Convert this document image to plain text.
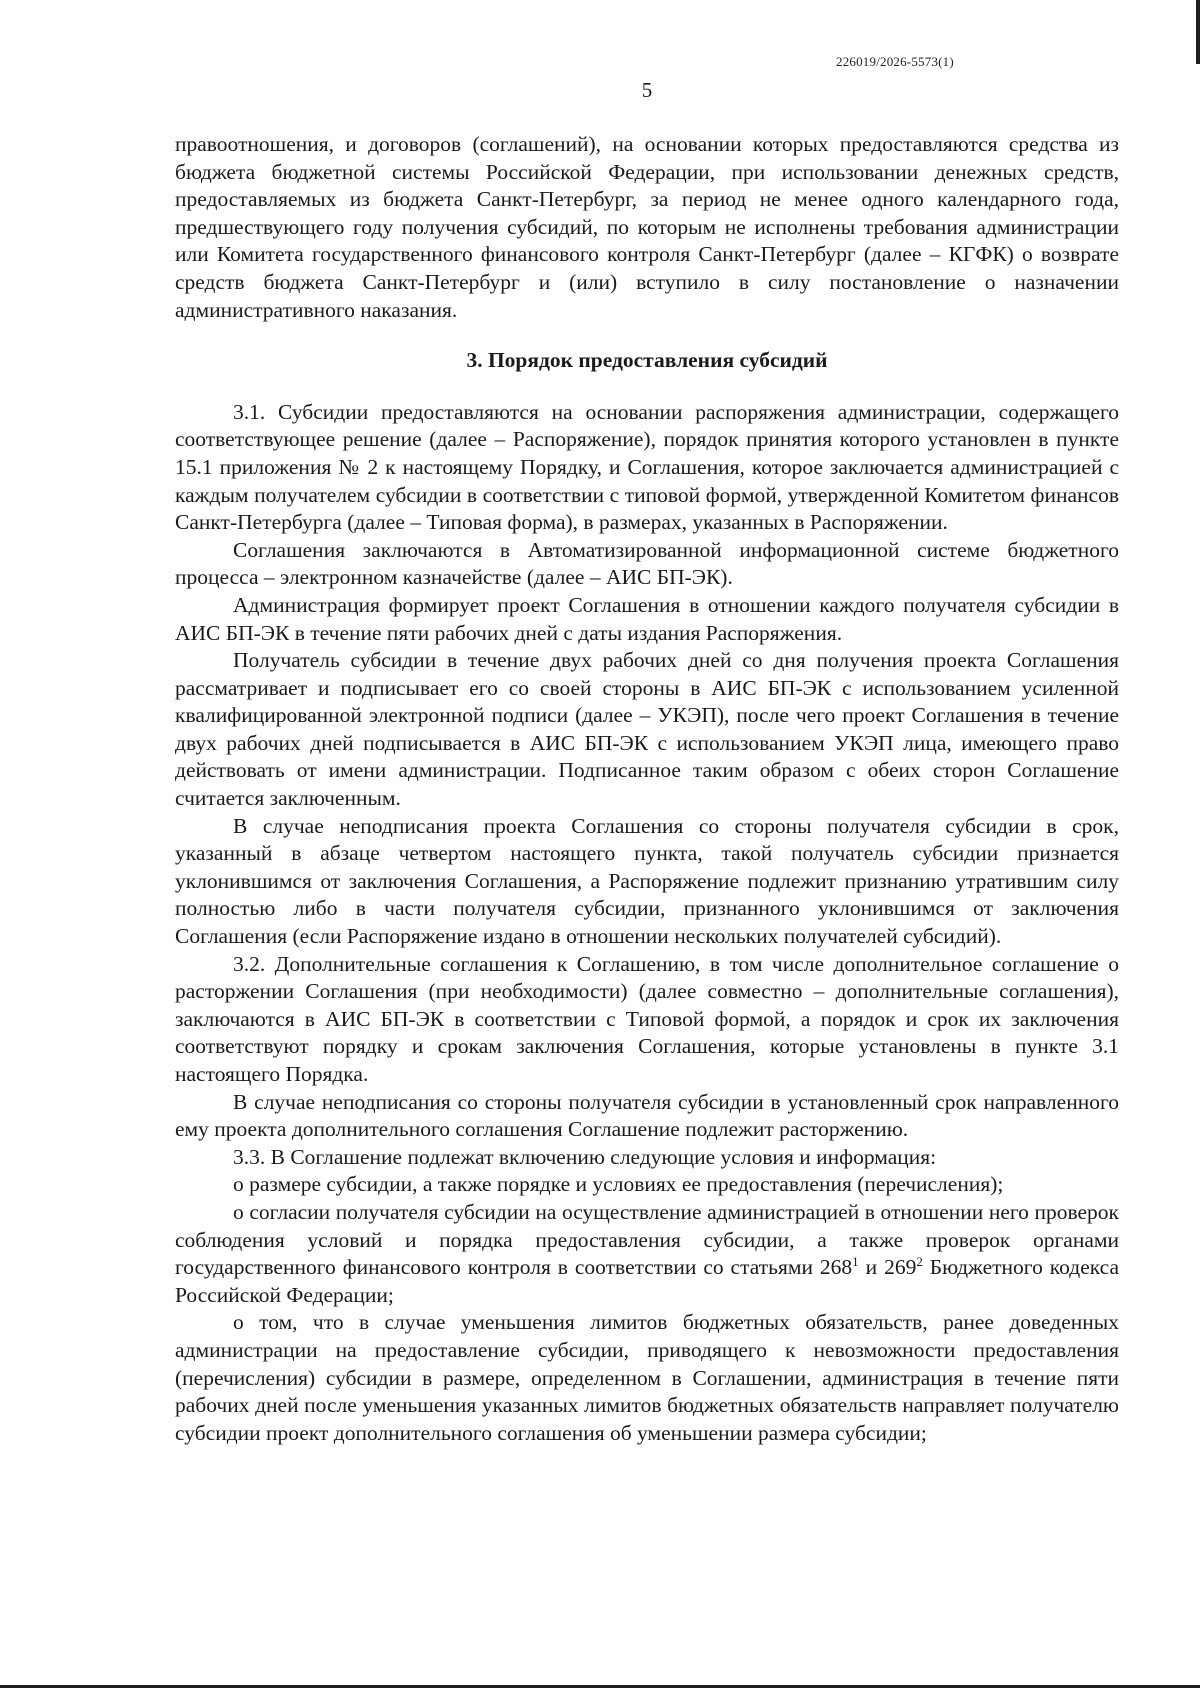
226019/2026-5573(1)
5

правоотношения, и договоров (соглашений), на основании которых предоставляются средства из бюджета бюджетной системы Российской Федерации, при использовании денежных средств, предоставляемых из бюджета Санкт-Петербург, за период не менее одного календарного года, предшествующего году получения субсидий, по которым не исполнены требования администрации или Комитета государственного финансового контроля Санкт-Петербург (далее – КГФК) о возврате средств бюджета Санкт-Петербург и (или) вступило в силу постановление о назначении административного наказания.

3. Порядок предоставления субсидий

3.1. Субсидии предоставляются на основании распоряжения администрации, содержащего соответствующее решение (далее – Распоряжение), порядок принятия которого установлен в пункте 15.1 приложения № 2 к настоящему Порядку, и Соглашения, которое заключается администрацией с каждым получателем субсидии в соответствии с типовой формой, утвержденной Комитетом финансов Санкт-Петербурга (далее – Типовая форма), в размерах, указанных в Распоряжении.

Соглашения заключаются в Автоматизированной информационной системе бюджетного процесса – электронном казначействе (далее – АИС БП-ЭК).

Администрация формирует проект Соглашения в отношении каждого получателя субсидии в АИС БП-ЭК в течение пяти рабочих дней с даты издания Распоряжения.

Получатель субсидии в течение двух рабочих дней со дня получения проекта Соглашения рассматривает и подписывает его со своей стороны в АИС БП-ЭК с использованием усиленной квалифицированной электронной подписи (далее – УКЭП), после чего проект Соглашения в течение двух рабочих дней подписывается в АИС БП-ЭК с использованием УКЭП лица, имеющего право действовать от имени администрации. Подписанное таким образом с обеих сторон Соглашение считается заключенным.

В случае неподписания проекта Соглашения со стороны получателя субсидии в срок, указанный в абзаце четвертом настоящего пункта, такой получатель субсидии признается уклонившимся от заключения Соглашения, а Распоряжение подлежит признанию утратившим силу полностью либо в части получателя субсидии, признанного уклонившимся от заключения Соглашения (если Распоряжение издано в отношении нескольких получателей субсидий).

3.2. Дополнительные соглашения к Соглашению, в том числе дополнительное соглашение о расторжении Соглашения (при необходимости) (далее совместно – дополнительные соглашения), заключаются в АИС БП-ЭК в соответствии с Типовой формой, а порядок и срок их заключения соответствуют порядку и срокам заключения Соглашения, которые установлены в пункте 3.1 настоящего Порядка.

В случае неподписания со стороны получателя субсидии в установленный срок направленного ему проекта дополнительного соглашения Соглашение подлежит расторжению.

3.3. В Соглашение подлежат включению следующие условия и информация:

о размере субсидии, а также порядке и условиях ее предоставления (перечисления);

о согласии получателя субсидии на осуществление администрацией в отношении него проверок соблюдения условий и порядка предоставления субсидии, а также проверок органами государственного финансового контроля в соответствии со статьями $268^1$ и $269^2$ Бюджетного кодекса Российской Федерации;

о том, что в случае уменьшения лимитов бюджетных обязательств, ранее доведенных администрации на предоставление субсидии, приводящего к невозможности предоставления (перечисления) субсидии в размере, определенном в Соглашении, администрация в течение пяти рабочих дней после уменьшения указанных лимитов бюджетных обязательств направляет получателю субсидии проект дополнительного соглашения об уменьшении размера субсидии;
